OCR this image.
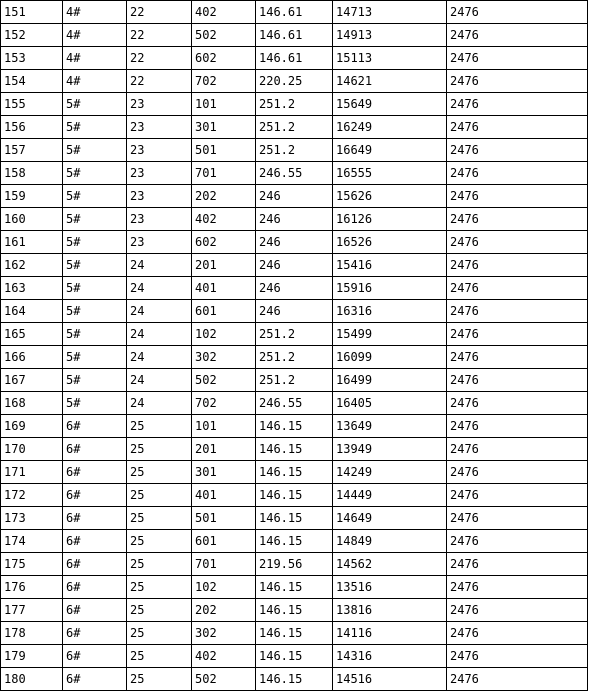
151	4#	22	402	146.61	14713	2476
152	4#	22	502	146.61	14913	2476
153	4#	22	602	146.61	15113	2476
154	4#	22	702	220.25	14621	2476
155	5#	23	101	251.2	15649	2476
156	5#	23	301	251.2	16249	2476
157	5#	23	501	251.2	16649	2476
158	5#	23	701	246.55	16555	2476
159	5#	23	202	246	15626	2476
160	5#	23	402	246	16126	2476
161	5#	23	602	246	16526	2476
162	5#	24	201	246	15416	2476
163	5#	24	401	246	15916	2476
164	5#	24	601	246	16316	2476
165	5#	24	102	251.2	15499	2476
166	5#	24	302	251.2	16099	2476
167	5#	24	502	251.2	16499	2476
168	5#	24	702	246.55	16405	2476
169	6#	25	101	146.15	13649	2476
170	6#	25	201	146.15	13949	2476
171	6#	25	301	146.15	14249	2476
172	6#	25	401	146.15	14449	2476
173	6#	25	501	146.15	14649	2476
174	6#	25	601	146.15	14849	2476
175	6#	25	701	219.56	14562	2476
176	6#	25	102	146.15	13516	2476
177	6#	25	202	146.15	13816	2476
178	6#	25	302	146.15	14116	2476
179	6#	25	402	146.15	14316	2476
180	6#	25	502	146.15	14516	2476
